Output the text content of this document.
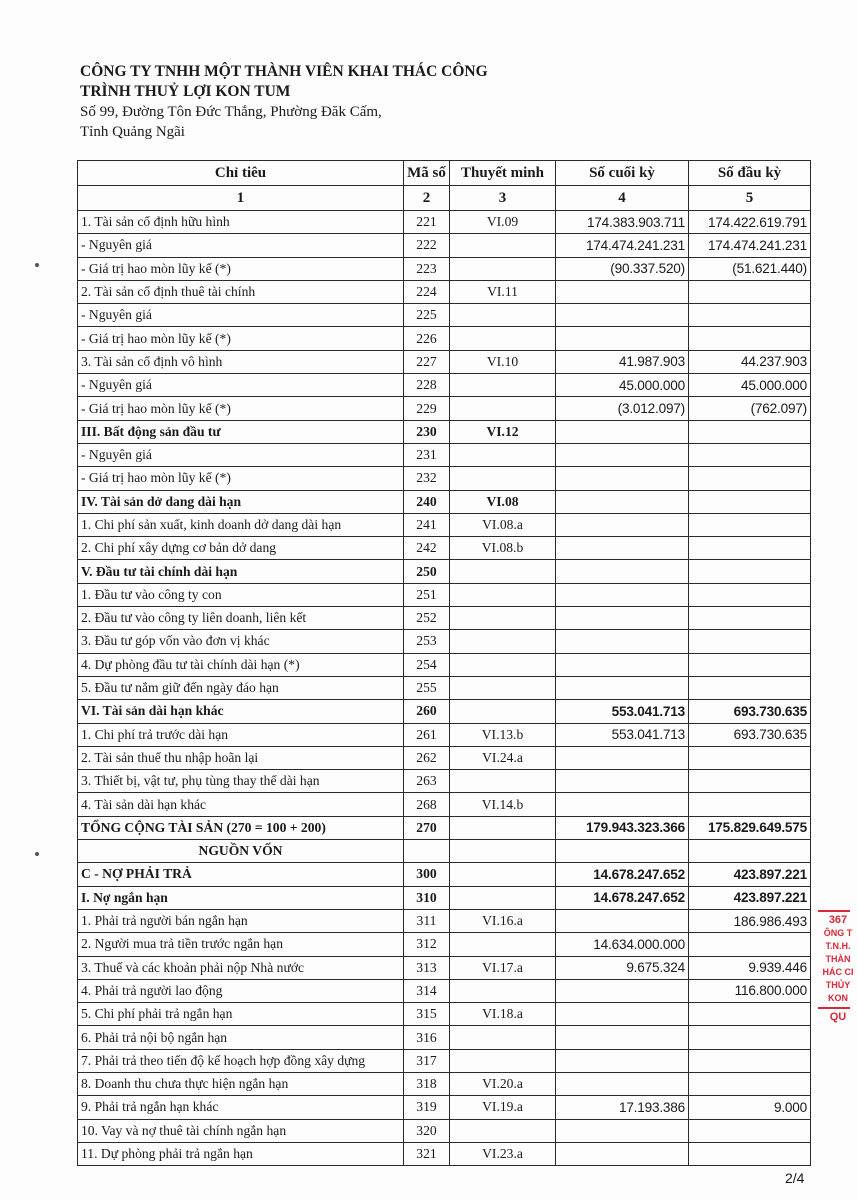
CÔNG TY TNHH MỘT THÀNH VIÊN KHAI THÁC CÔNG
TRÌNH THUỶ LỢI KON TUM
Số 99, Đường Tôn Đức Thắng, Phường Đăk Cấm,
Tỉnh Quảng Ngãi
Chỉ tiêu	Mã số	Thuyết minh	Số cuối kỳ	Số đầu kỳ
1	2	3	4	5
1. Tài sản cố định hữu hình	221	VI.09	174.383.903.711	174.422.619.791
- Nguyên giá	222		174.474.241.231	174.474.241.231
- Giá trị hao mòn lũy kế (*)	223		(90.337.520)	(51.621.440)
2. Tài sản cố định thuê tài chính	224	VI.11		
- Nguyên giá	225			
- Giá trị hao mòn lũy kế (*)	226			
3. Tài sản cố định vô hình	227	VI.10	41.987.903	44.237.903
- Nguyên giá	228		45.000.000	45.000.000
- Giá trị hao mòn lũy kế (*)	229		(3.012.097)	(762.097)
III. Bất động sản đầu tư	230	VI.12		
- Nguyên giá	231			
- Giá trị hao mòn lũy kế (*)	232			
IV. Tài sản dở dang dài hạn	240	VI.08		
1. Chi phí sản xuất, kinh doanh dở dang dài hạn	241	VI.08.a		
2. Chi phí xây dựng cơ bản dở dang	242	VI.08.b		
V. Đầu tư tài chính dài hạn	250			
1. Đầu tư vào công ty con	251			
2. Đầu tư vào công ty liên doanh, liên kết	252			
3. Đầu tư góp vốn vào đơn vị khác	253			
4. Dự phòng đầu tư tài chính dài hạn (*)	254			
5. Đầu tư nắm giữ đến ngày đáo hạn	255			
VI. Tài sản dài hạn khác	260		553.041.713	693.730.635
1. Chi phí trả trước dài hạn	261	VI.13.b	553.041.713	693.730.635
2. Tài sản thuế thu nhập hoãn lại	262	VI.24.a		
3. Thiết bị, vật tư, phụ tùng thay thế dài hạn	263			
4. Tài sản dài hạn khác	268	VI.14.b		
TỔNG CỘNG TÀI SẢN (270 = 100 + 200)	270		179.943.323.366	175.829.649.575
NGUỒN VỐN				
C - NỢ PHẢI TRẢ	300		14.678.247.652	423.897.221
I. Nợ ngắn hạn	310		14.678.247.652	423.897.221
1. Phải trả người bán ngắn hạn	311	VI.16.a		186.986.493
2. Người mua trả tiền trước ngắn hạn	312		14.634.000.000	
3. Thuế và các khoản phải nộp Nhà nước	313	VI.17.a	9.675.324	9.939.446
4. Phải trả người lao động	314			116.800.000
5. Chi phí phải trả ngắn hạn	315	VI.18.a		
6. Phải trả nội bộ ngắn hạn	316			
7. Phải trả theo tiến độ kế hoạch hợp đồng xây dựng	317			
8. Doanh thu chưa thực hiện ngắn hạn	318	VI.20.a		
9. Phải trả ngắn hạn khác	319	VI.19.a	17.193.386	9.000
10. Vay và nợ thuê tài chính ngắn hạn	320			
11. Dự phòng phải trả ngắn hạn	321	VI.23.a		
367
ÔNG T
T.N.H.
THÀN
HÁC CI
THỦY
KON
QU
2/4
